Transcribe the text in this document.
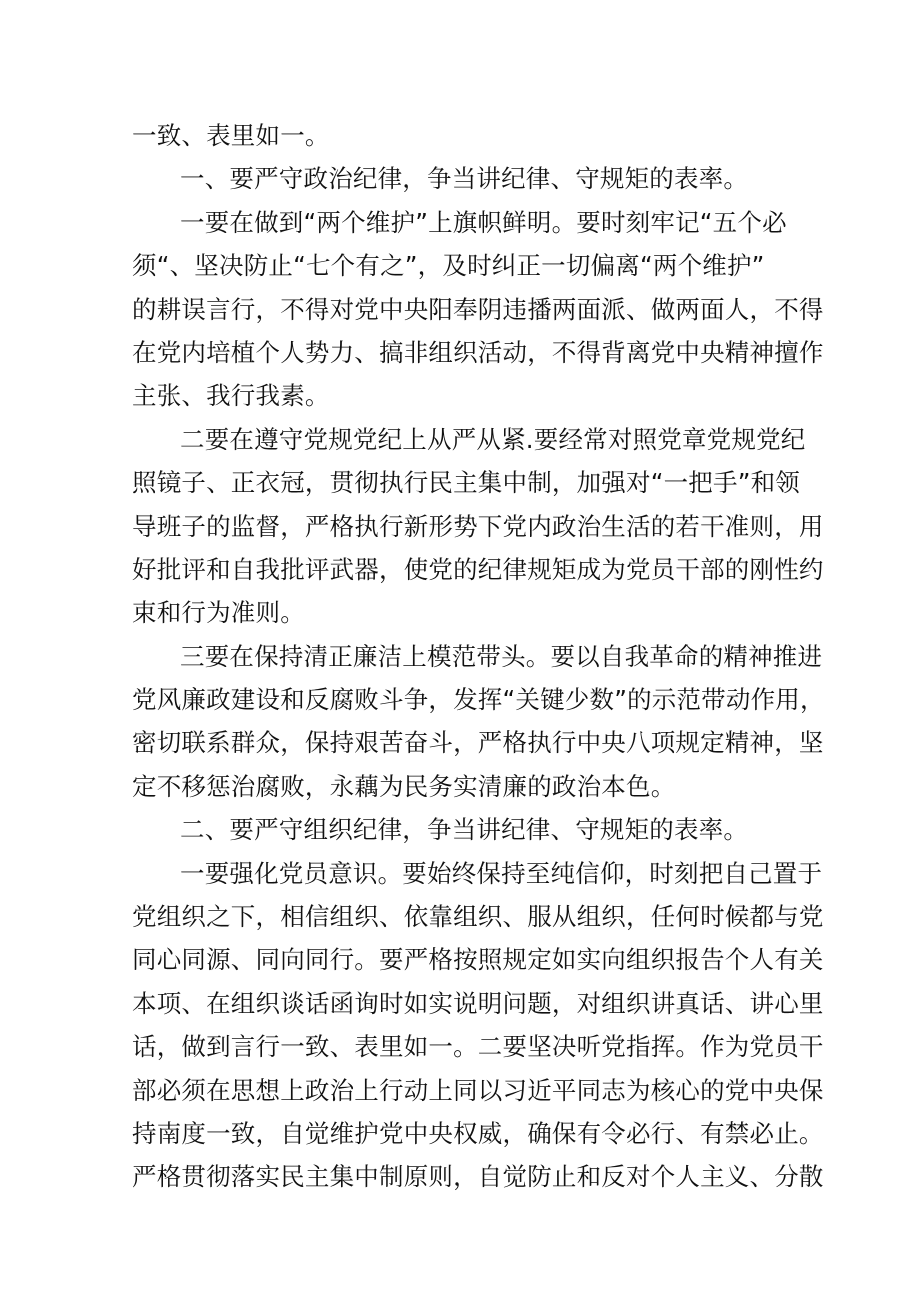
一致、表里如一。
一、要严守政治纪律，争当讲纪律、守规矩的表率。
一要在做到“两个维护”上旗帜鲜明。要时刻牢记“五个必
须“、坚决防止“七个有之”，及时纠正一切偏离“两个维护”
的耕误言行，不得对党中央阳奉阴违播两面派、做两面人，不得
在党内培植个人势力、搞非组织活动，不得背离党中央精神擅作
主张、我行我素。
二要在遵守党规党纪上从严从紧.要经常对照党章党规党纪
照镜子、正衣冠，贯彻执行民主集中制，加强对“一把手”和领
导班子的监督，严格执行新形势下党内政治生活的若干准则，用
好批评和自我批评武器，使党的纪律规矩成为党员干部的刚性约
束和行为准则。
三要在保持清正廉洁上模范带头。要以自我革命的精神推进
党风廉政建设和反腐败斗争，发挥“关键少数”的示范带动作用，
密切联系群众，保持艰苦奋斗，严格执行中央八项规定精神，坚
定不移惩治腐败，永藕为民务实清廉的政治本色。
二、要严守组织纪律，争当讲纪律、守规矩的表率。
一要强化党员意识。要始终保持至纯信仰，时刻把自己置于
党组织之下，相信组织、依靠组织、服从组织，任何时候都与党
同心同源、同向同行。要严格按照规定如实向组织报告个人有关
本项、在组织谈话函询时如实说明问题，对组织讲真话、讲心里
话，做到言行一致、表里如一。二要坚决听党指挥。作为党员干
部必须在思想上政治上行动上同以习近平同志为核心的党中央保
持南度一致，自觉维护党中央权威，确保有令必行、有禁必止。
严格贯彻落实民主集中制原则，自觉防止和反对个人主义、分散
